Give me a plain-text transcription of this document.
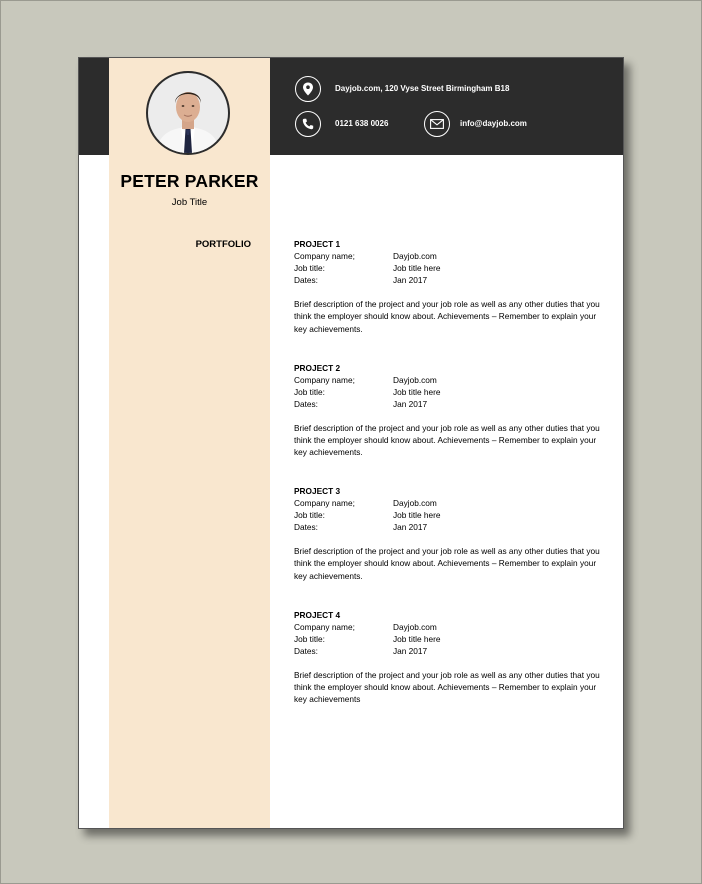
PETER PARKER
Job Title
PORTFOLIO
Dayjob.com, 120 Vyse Street Birmingham B18
0121 638 0026	info@dayjob.com
PROJECT 1
Company name;	Dayjob.com
Job title:	Job title here
Dates:	Jan 2017
Brief description of the project and your job role as well as any other duties that you think the employer should know about. Achievements – Remember to explain your key achievements.
PROJECT 2
Company name;	Dayjob.com
Job title:	Job title here
Dates:	Jan 2017
Brief description of the project and your job role as well as any other duties that you think the employer should know about. Achievements – Remember to explain your key achievements.
PROJECT 3
Company name;	Dayjob.com
Job title:	Job title here
Dates:	Jan 2017
Brief description of the project and your job role as well as any other duties that you think the employer should know about. Achievements – Remember to explain your key achievements.
PROJECT 4
Company name;	Dayjob.com
Job title:	Job title here
Dates:	Jan 2017
Brief description of the project and your job role as well as any other duties that you think the employer should know about. Achievements – Remember to explain your key achievements
